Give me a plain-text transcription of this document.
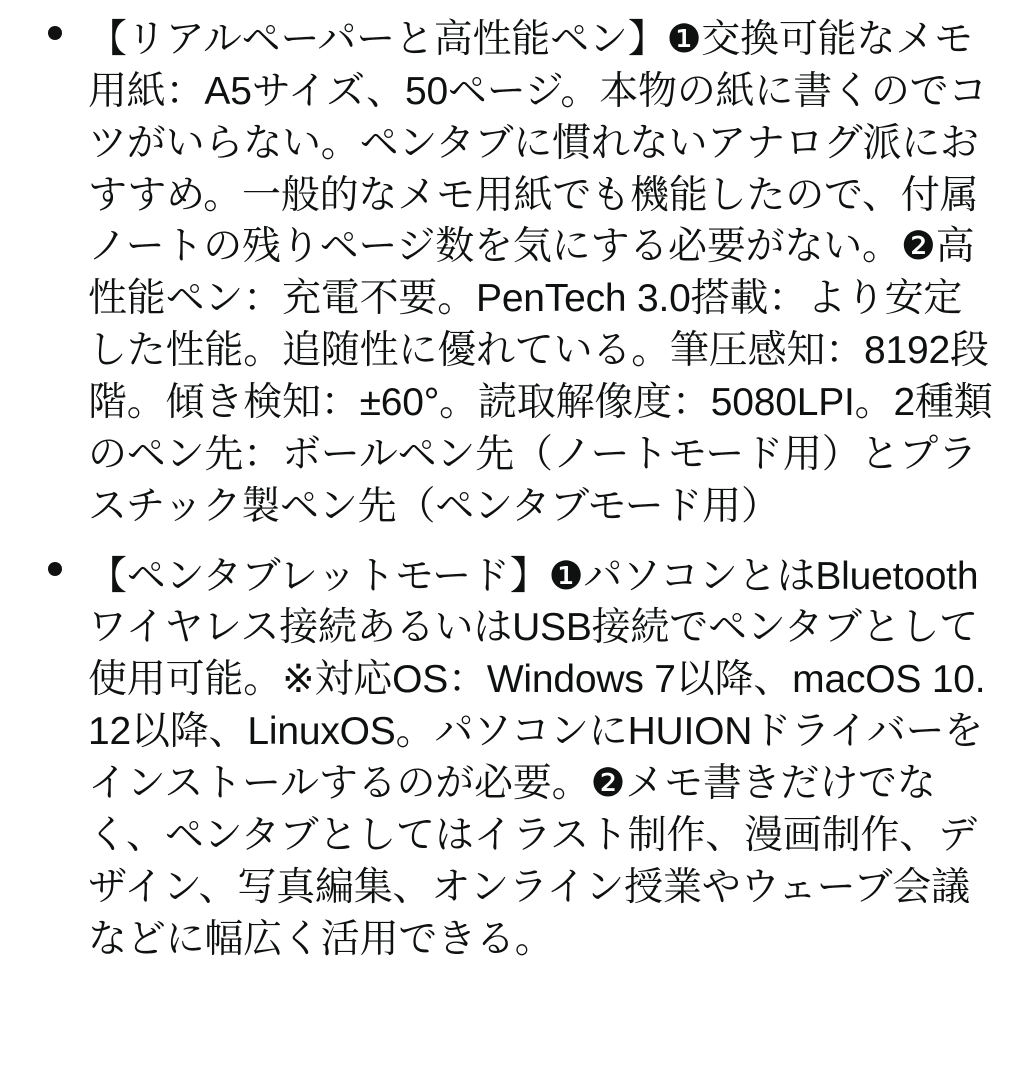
【リアルペーパーと高性能ペン】❶交換可能なメモ用紙：A5サイズ、50ページ。本物の紙に書くのでコツがいらない。ペンタブに慣れないアナログ派におすすめ。一般的なメモ用紙でも機能したので、付属ノートの残りページ数を気にする必要がない。❷高性能ペン：充電不要。PenTech 3.0搭載：より安定した性能。追随性に優れている。筆圧感知：8192段階。傾き検知：±60°。読取解像度：5080LPI。2種類のペン先：ボールペン先（ノートモード用）とプラスチック製ペン先（ペンタブモード用）
【ペンタブレットモード】❶パソコンとはBluetoothワイヤレス接続あるいはUSB接続でペンタブとして使用可能。※対応OS：Windows 7以降、macOS 10.12以降、LinuxOS。パソコンにHUIONドライバーをインストールするのが必要。❷メモ書きだけでなく、ペンタブとしてはイラスト制作、漫画制作、デザイン、写真編集、オンライン授業やウェーブ会議などに幅広く活用できる。
